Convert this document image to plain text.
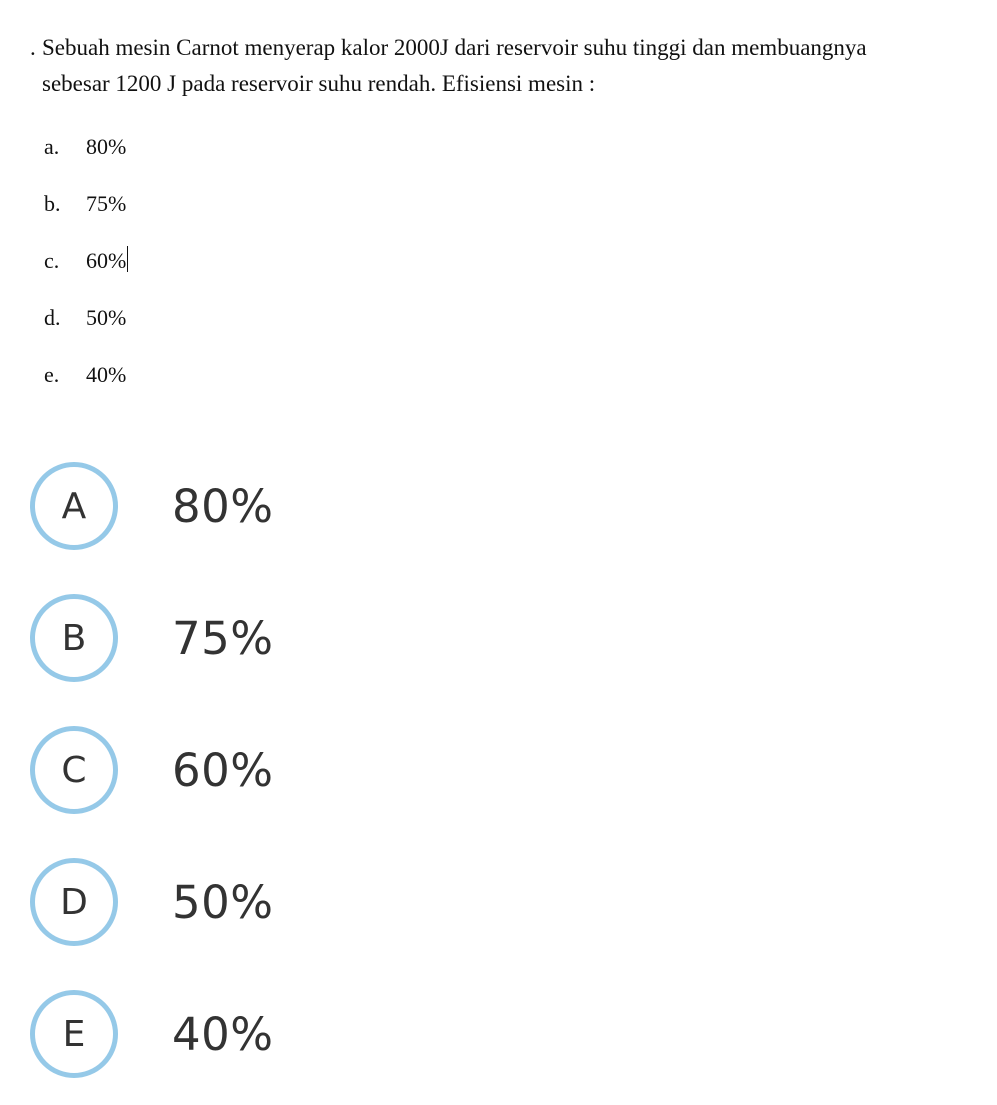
. Sebuah mesin Carnot menyerap kalor 2000J dari reservoir suhu tinggi dan membuangnya
sebesar 1200 J pada reservoir suhu rendah. Efisiensi mesin :
a.	80%
b.	75%
c.	60%
d.	50%
e.	40%
A	80%
B	75%
C	60%
D	50%
E	40%
